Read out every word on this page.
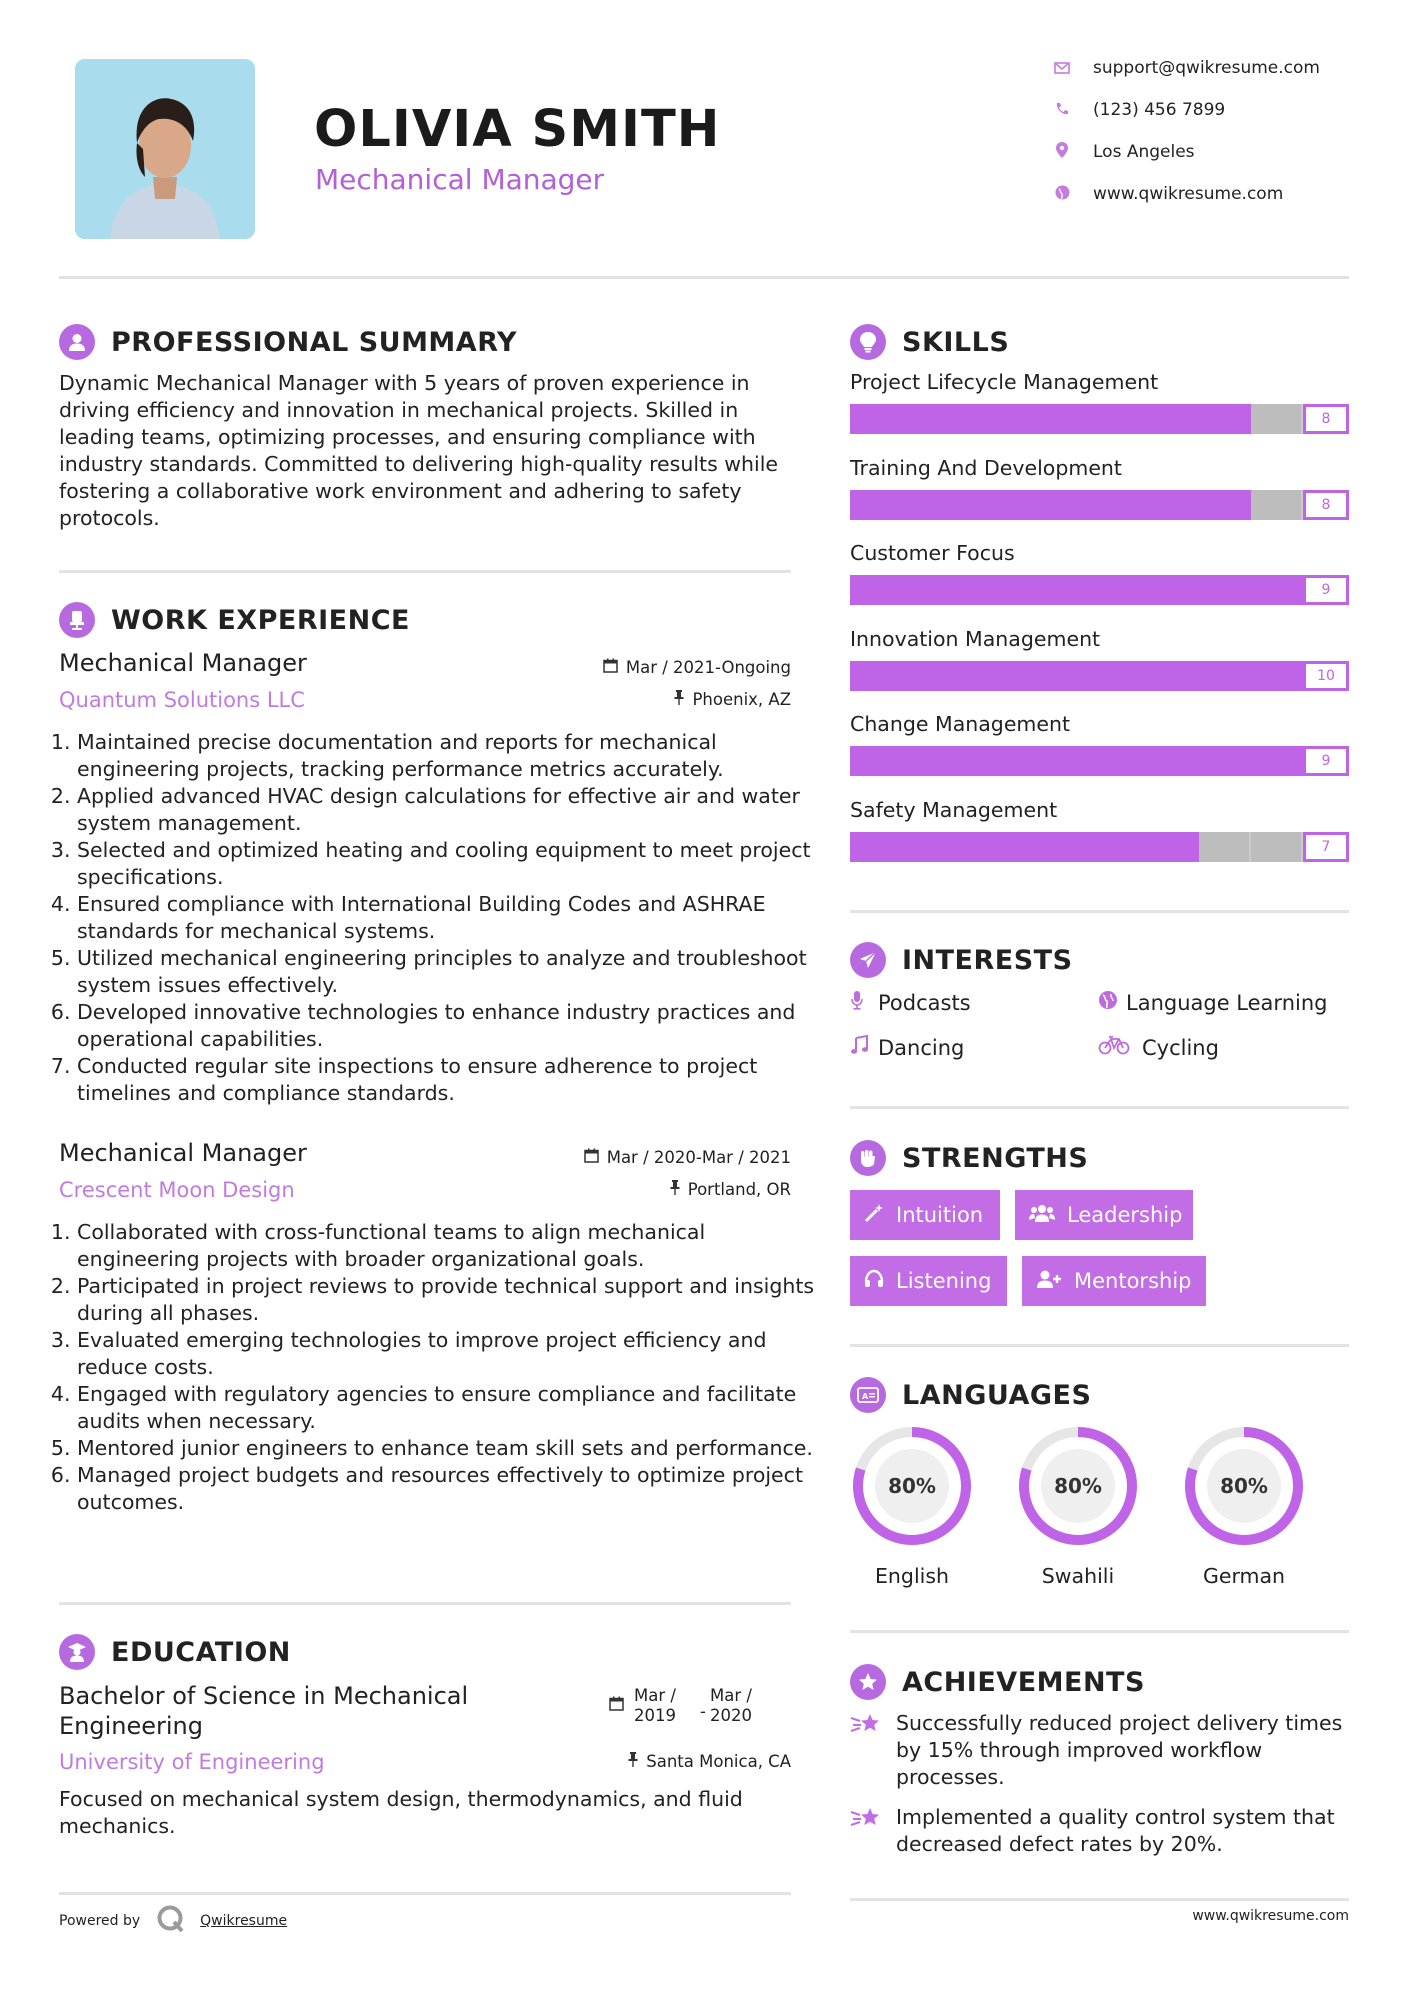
OLIVIA SMITH
Mechanical Manager
support@qwikresume.com
(123) 456 7899
Los Angeles
www.qwikresume.com
PROFESSIONAL SUMMARY
Dynamic Mechanical Manager with 5 years of proven experience in driving efficiency and innovation in mechanical projects. Skilled in leading teams, optimizing processes, and ensuring compliance with industry standards. Committed to delivering high-quality results while fostering a collaborative work environment and adhering to safety protocols.
WORK EXPERIENCE
Mechanical Manager
Quantum Solutions LLC
Mar / 2021-Ongoing
Phoenix, AZ
1. Maintained precise documentation and reports for mechanical engineering projects, tracking performance metrics accurately.
2. Applied advanced HVAC design calculations for effective air and water system management.
3. Selected and optimized heating and cooling equipment to meet project specifications.
4. Ensured compliance with International Building Codes and ASHRAE standards for mechanical systems.
5. Utilized mechanical engineering principles to analyze and troubleshoot system issues effectively.
6. Developed innovative technologies to enhance industry practices and operational capabilities.
7. Conducted regular site inspections to ensure adherence to project timelines and compliance standards.
Mechanical Manager
Crescent Moon Design
Mar / 2020-Mar / 2021
Portland, OR
1. Collaborated with cross-functional teams to align mechanical engineering projects with broader organizational goals.
2. Participated in project reviews to provide technical support and insights during all phases.
3. Evaluated emerging technologies to improve project efficiency and reduce costs.
4. Engaged with regulatory agencies to ensure compliance and facilitate audits when necessary.
5. Mentored junior engineers to enhance team skill sets and performance.
6. Managed project budgets and resources effectively to optimize project outcomes.
EDUCATION
Bachelor of Science in Mechanical
Engineering
University of Engineering
Mar /
2019 -
Mar /
2020
Santa Monica, CA
Focused on mechanical system design, thermodynamics, and fluid mechanics.
SKILLS
Project Lifecycle Management
8
Training And Development
8
Customer Focus
9
Innovation Management
10
Change Management
9
Safety Management
7
INTERESTS
Podcasts	Language Learning
Dancing	Cycling
STRENGTHS
Intuition	Leadership
Listening	Mentorship
A LANGUAGES
80%
English
80%
Swahili
80%
German
ACHIEVEMENTS
Successfully reduced project delivery times by 15% through improved workflow processes.
Implemented a quality control system that decreased defect rates by 20%.
Powered by	Qwikresume	www.qwikresume.com
